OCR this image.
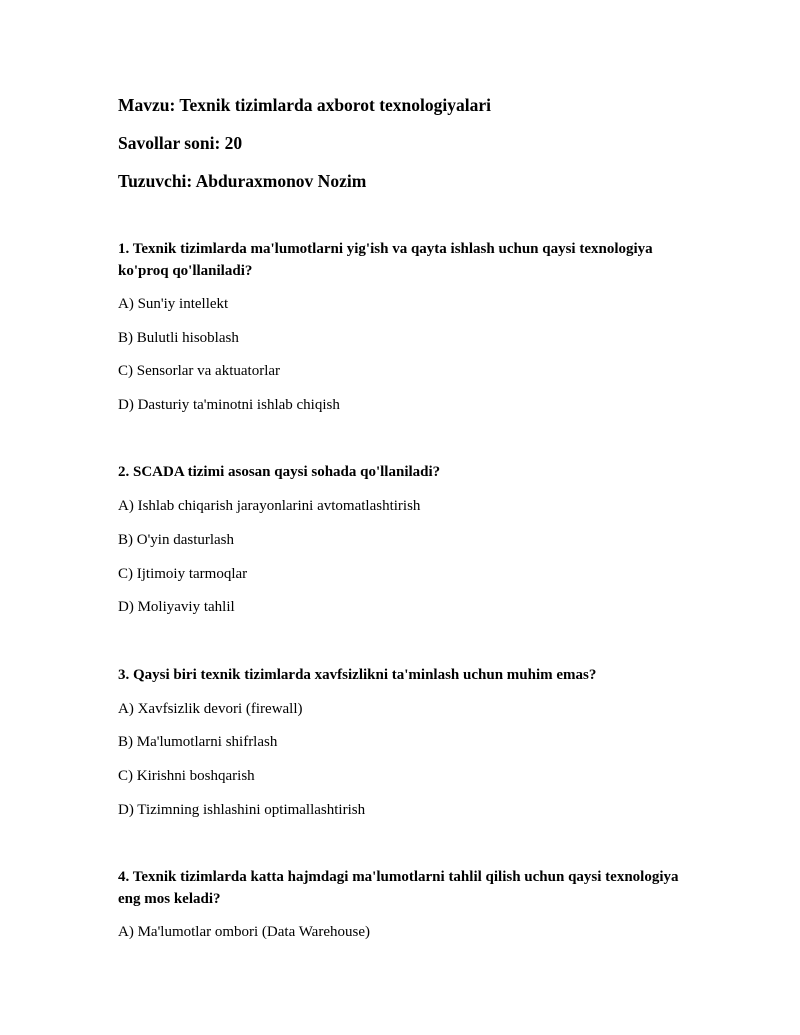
Mavzu: Texnik tizimlarda axborot texnologiyalari
Savollar soni: 20
Tuzuvchi: Abduraxmonov Nozim
1. Texnik tizimlarda ma'lumotlarni yig'ish va qayta ishlash uchun qaysi texnologiya ko'proq qo'llaniladi?
A) Sun'iy intellekt
B) Bulutli hisoblash
C) Sensorlar va aktuatorlar
D) Dasturiy ta'minotni ishlab chiqish
2. SCADA tizimi asosan qaysi sohada qo'llaniladi?
A) Ishlab chiqarish jarayonlarini avtomatlashtirish
B) O'yin dasturlash
C) Ijtimoiy tarmoqlar
D) Moliyaviy tahlil
3. Qaysi biri texnik tizimlarda xavfsizlikni ta'minlash uchun muhim emas?
A) Xavfsizlik devori (firewall)
B) Ma'lumotlarni shifrlash
C) Kirishni boshqarish
D) Tizimning ishlashini optimallashtirish
4. Texnik tizimlarda katta hajmdagi ma'lumotlarni tahlil qilish uchun qaysi texnologiya eng mos keladi?
A) Ma'lumotlar ombori (Data Warehouse)
